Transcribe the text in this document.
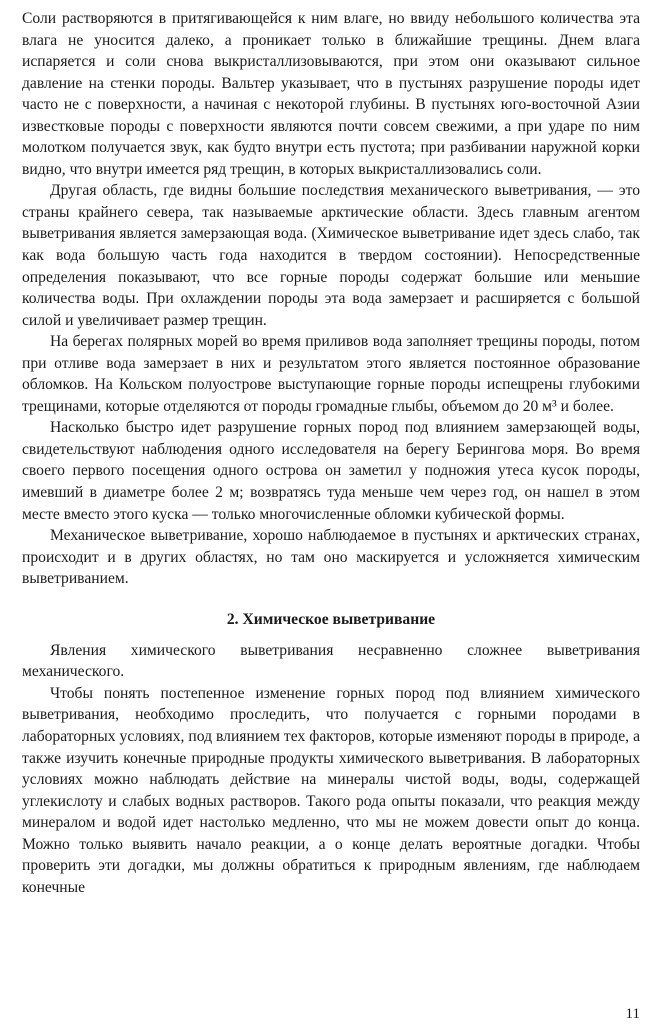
Соли растворяются в притягивающейся к ним влаге, но ввиду небольшого количества эта влага не уносится далеко, а проникает только в ближайшие трещины. Днем влага испаряется и соли снова выкристаллизовываются, при этом они оказывают сильное давление на стенки породы. Вальтер указывает, что в пустынях разрушение породы идет часто не с поверхности, а начиная с некоторой глубины. В пустынях юго-восточной Азии известковые породы с поверхности являются почти совсем свежими, а при ударе по ним молотком получается звук, как будто внутри есть пустота; при разбивании наружной корки видно, что внутри имеется ряд трещин, в которых выкристаллизовались соли.

Другая область, где видны большие последствия механического выветривания, — это страны крайнего севера, так называемые арктические области. Здесь главным агентом выветривания является замерзающая вода. (Химическое выветривание идет здесь слабо, так как вода большую часть года находится в твердом состоянии). Непосредственные определения показывают, что все горные породы содержат большие или меньшие количества воды. При охлаждении породы эта вода замерзает и расширяется с большой силой и увеличивает размер трещин.

На берегах полярных морей во время приливов вода заполняет трещины породы, потом при отливе вода замерзает в них и результатом этого является постоянное образование обломков. На Кольском полуострове выступающие горные породы испещрены глубокими трещинами, которые отделяются от породы громадные глыбы, объемом до 20 м³ и более.

Насколько быстро идет разрушение горных пород под влиянием замерзающей воды, свидетельствуют наблюдения одного исследователя на берегу Берингова моря. Во время своего первого посещения одного острова он заметил у подножия утеса кусок породы, имевший в диаметре более 2 м; возвратясь туда меньше чем через год, он нашел в этом месте вместо этого куска — только многочисленные обломки кубической формы.

Механическое выветривание, хорошо наблюдаемое в пустынях и арктических странах, происходит и в других областях, но там оно маскируется и усложняется химическим выветриванием.

2. Химическое выветривание

Явления химического выветривания несравненно сложнее выветривания механического.

Чтобы понять постепенное изменение горных пород под влиянием химического выветривания, необходимо проследить, что получается с горными породами в лабораторных условиях, под влиянием тех факторов, которые изменяют породы в природе, а также изучить конечные природные продукты химического выветривания. В лабораторных условиях можно наблюдать действие на минералы чистой воды, воды, содержащей углекислоту и слабых водных растворов. Такого рода опыты показали, что реакция между минералом и водой идет настолько медленно, что мы не можем довести опыт до конца. Можно только выявить начало реакции, а о конце делать вероятные догадки. Чтобы проверить эти догадки, мы должны обратиться к природным явлениям, где наблюдаем конечные

11
